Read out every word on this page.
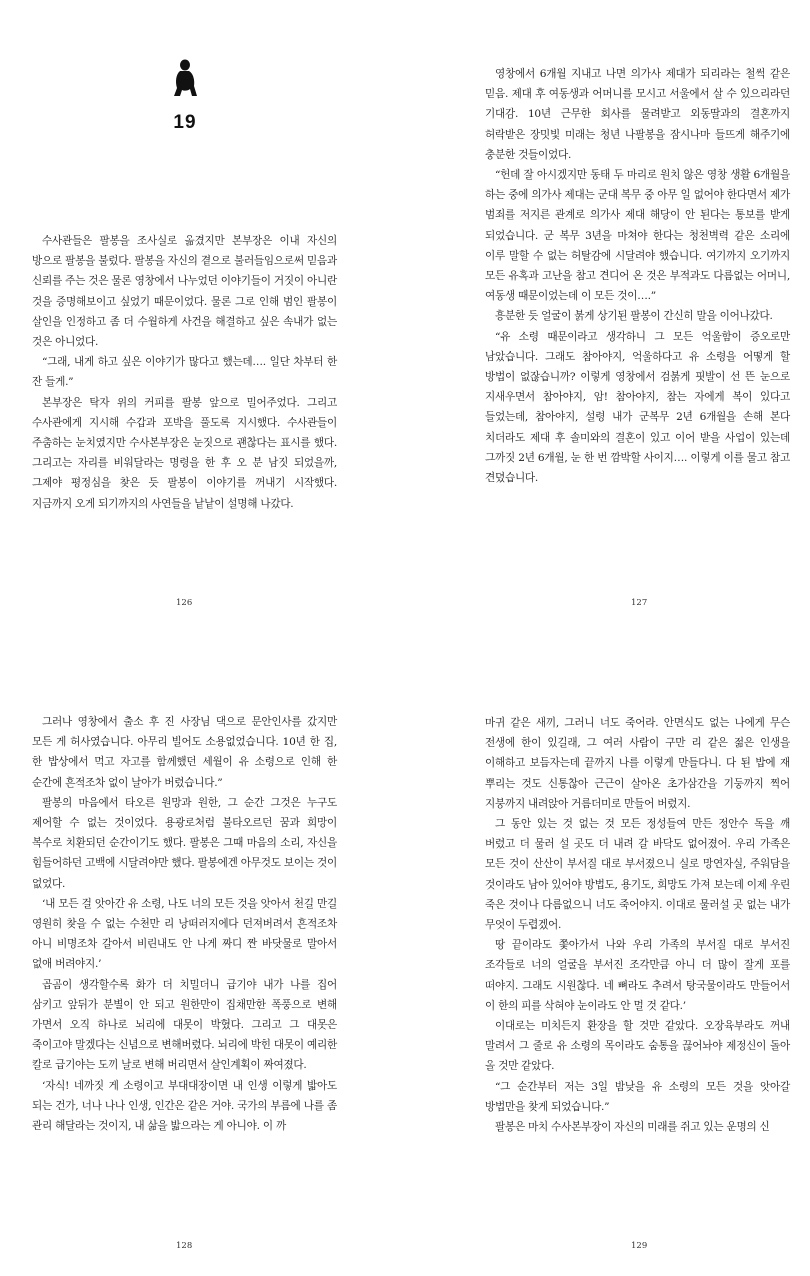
19

수사관들은 팔봉을 조사실로 옮겼지만 본부장은 이내 자신의 방으로 팔봉을 불렀다. 팔봉을 자신의 곁으로 불러들임으로써 믿음과 신뢰를 주는 것은 물론 영창에서 나누었던 이야기들이 거짓이 아니란 것을 증명해보이고 싶었기 때문이었다. 물론 그로 인해 범인 팔봉이 살인을 인정하고 좀 더 수월하게 사건을 해결하고 싶은 속내가 없는 것은 아니었다.

“그래, 내게 하고 싶은 이야기가 많다고 했는데…. 일단 차부터 한 잔 들게.”

본부장은 탁자 위의 커피를 팔봉 앞으로 밀어주었다. 그리고 수사관에게 지시해 수갑과 포박을 풀도록 지시했다. 수사관들이 주춤하는 눈치였지만 수사본부장은 눈짓으로 괜찮다는 표시를 했다. 그리고는 자리를 비워달라는 명령을 한 후 오 분 남짓 되었을까, 그제야 평정심을 찾은 듯 팔봉이 이야기를 꺼내기 시작했다. 지금까지 오게 되기까지의 사연들을 낱낱이 설명해 나갔다.

126

영창에서 6개월 지내고 나면 의가사 제대가 되리라는 철썩 같은 믿음. 제대 후 여동생과 어머니를 모시고 서울에서 살 수 있으리라던 기대감. 10년 근무한 회사를 물려받고 외동딸과의 결혼까지 허락받은 장밋빛 미래는 청년 나팔봉을 잠시나마 들뜨게 해주기에 충분한 것들이었다.

“헌데 잘 아시겠지만 동태 두 마리로 원치 않은 영창 생활 6개월을 하는 중에 의가사 제대는 군대 복무 중 아무 일 없어야 한다면서 제가 범죄를 저지른 관계로 의가사 제대 해당이 안 된다는 통보를 받게 되었습니다. 군 복무 3년을 마쳐야 한다는 청천벽력 같은 소리에 이루 말할 수 없는 허탈감에 시달려야 했습니다. 여기까지 오기까지 모든 유혹과 고난을 참고 견디어 온 것은 부적과도 다름없는 어머니, 여동생 때문이었는데 이 모든 것이….”

흥분한 듯 얼굴이 붉게 상기된 팔봉이 간신히 말을 이어나갔다.

“유 소령 때문이라고 생각하니 그 모든 억울함이 증오로만 남았습니다. 그래도 참아야지, 억울하다고 유 소령을 어떻게 할 방법이 없잖습니까? 이렇게 영창에서 검붉게 핏발이 선 뜬 눈으로 지새우면서 참아야지, 암! 참아야지, 참는 자에게 복이 있다고 들었는데, 참아야지, 설령 내가 군복무 2년 6개월을 손해 본다 치더라도 제대 후 솔미와의 결혼이 있고 이어 받을 사업이 있는데 그까짓 2년 6개월, 눈 한 번 깜박할 사이지…. 이렇게 이를 물고 참고 견뎠습니다.

127

그러나 영창에서 출소 후 진 사장님 댁으로 문안인사를 갔지만 모든 게 허사였습니다. 아무리 빌어도 소용없었습니다. 10년 한 집, 한 밥상에서 먹고 자고를 함께했던 세월이 유 소령으로 인해 한 순간에 흔적조차 없이 날아가 버렸습니다.”

팔봉의 마음에서 타오른 원망과 원한, 그 순간 그것은 누구도 제어할 수 없는 것이었다. 용광로처럼 불타오르던 꿈과 희망이 복수로 치환되던 순간이기도 했다. 팔봉은 그때 마음의 소리, 자신을 힘들어하던 고백에 시달려야만 했다. 팔봉에겐 아무것도 보이는 것이 없었다.

‘내 모든 걸 앗아간 유 소령, 나도 너의 모든 것을 앗아서 천길 만길 영원히 찾을 수 없는 수천만 리 낭떠러지에다 던져버려서 흔적조차 아니 비명조차 갈아서 비린내도 안 나게 짜디 짠 바닷물로 말아서 없애 버려야지.’

곱곰이 생각할수록 화가 더 치밀더니 급기야 내가 나를 집어 삼키고 앞뒤가 분별이 안 되고 원한만이 집채만한 폭풍으로 변해 가면서 오직 하나로 뇌리에 대못이 박혔다. 그리고 그 대못은 죽이고야 말겠다는 신념으로 변해버렸다. 뇌리에 박힌 대못이 예리한 칼로 급기야는 도끼 날로 변해 버리면서 살인계획이 짜여졌다.

‘자식! 네까짓 게 소령이고 부대대장이면 내 인생 이렇게 밟아도 되는 건가, 너나 나나 인생, 인간은 같은 거야. 국가의 부름에 나를 좀 관리 해달라는 것이지, 내 삶을 밟으라는 게 아니야. 이 까

128

마귀 같은 새끼, 그러니 너도 죽어라. 안면식도 없는 나에게 무슨 전생에 한이 있길래, 그 여러 사람이 구만 리 같은 젊은 인생을 이해하고 보듬자는데 끝까지 나를 이렇게 만들다니. 다 된 밥에 재 뿌리는 것도 신통찮아 근근이 살아온 초가삼간을 기둥까지 찍어 지붕까지 내려앉아 거름더미로 만들어 버렸지.

그 동안 있는 것 없는 것 모든 정성들여 만든 정안수 독을 깨 버렸고 더 물러 설 곳도 더 내려 갈 바닥도 없어졌어. 우리 가족은 모든 것이 산산이 부서질 대로 부서졌으니 실로 망연자실, 주워담을 것이라도 남아 있어야 방법도, 용기도, 희망도 가져 보는데 이제 우린 죽은 것이나 다름없으니 너도 죽어야지. 이대로 물러설 곳 없는 내가 무엇이 두렵겠어.

땅 끝이라도 쫓아가서 나와 우리 가족의 부서질 대로 부서진 조각들로 너의 얼굴을 부서진 조각만큼 아니 더 많이 잘게 포를 떠야지. 그래도 시원찮다. 네 뼈라도 추려서 탕국물이라도 만들어서 이 한의 피를 삭혀야 눈이라도 안 멀 것 같다.’

이대로는 미치든지 환장을 할 것만 같았다. 오장육부라도 꺼내 말려서 그 줄로 유 소령의 목이라도 숨통을 끊어놔야 제정신이 돌아 올 것만 같았다.

“그 순간부터 저는 3일 밤낮을 유 소령의 모든 것을 앗아갈 방법만을 찾게 되었습니다.”

팔봉은 마치 수사본부장이 자신의 미래를 쥐고 있는 운명의 신

129
